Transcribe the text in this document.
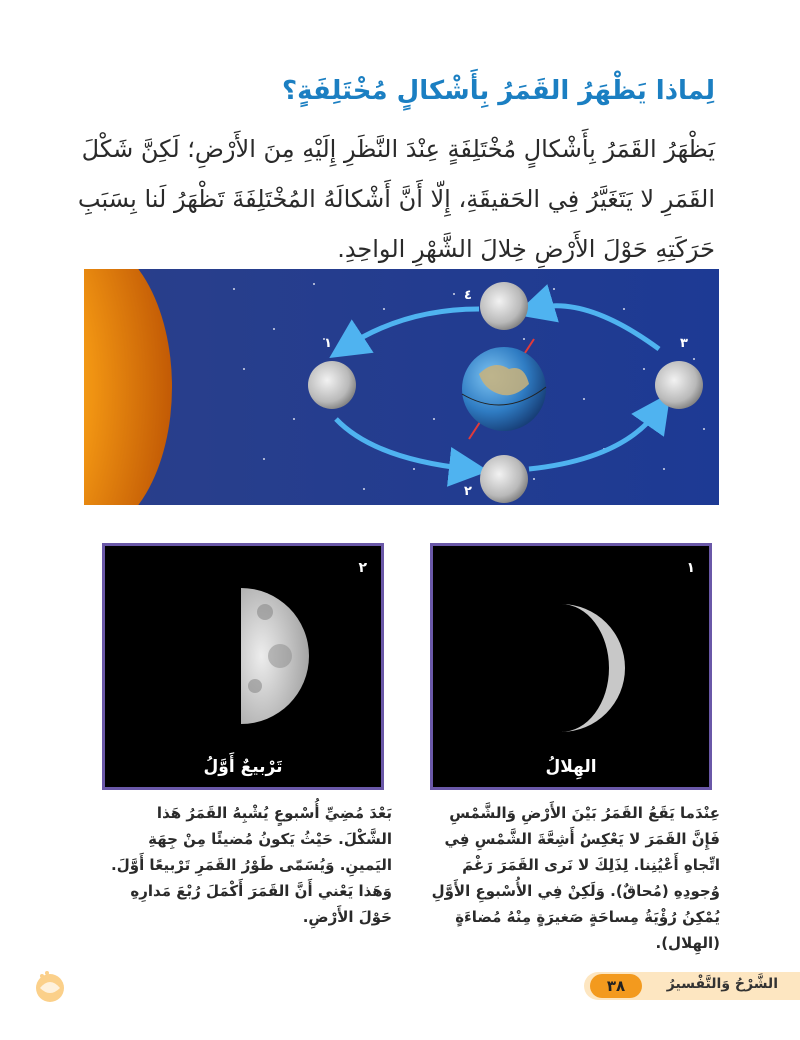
لِماذا يَظْهَرُ القَمَرُ بِأَشْكالٍ مُخْتَلِفَةٍ؟

يَظْهَرُ القَمَرُ بِأَشْكالٍ مُخْتَلِفَةٍ عِنْدَ النَّظَرِ إِلَيْهِ مِنَ الأَرْضِ؛ لَكِنَّ شَكْلَ القَمَرِ لا يَتَغَيَّرُ فِي الحَقيقَةِ، إِلّا أَنَّ أَشْكالَهُ المُخْتَلِفَةَ تَظْهَرُ لَنا بِسَبَبِ حَرَكَتِهِ حَوْلَ الأَرْضِ خِلالَ الشَّهْرِ الواحِدِ.

١
٢
٣
٤
١
الهِلالُ
٢
تَرْبيعٌ أَوَّلُ

عِنْدَما يَقَعُ القَمَرُ بَيْنَ الأَرْضِ وَالشَّمْسِ فَإِنَّ القَمَرَ لا يَعْكِسُ أَشِعَّةَ الشَّمْسِ فِي اتِّجاهِ أَعْيُنِنا. لِذَلِكَ لا نَرى القَمَرَ رَغْمَ وُجودِهِ (مُحاقٌ). وَلَكِنْ فِي الأُسْبوعِ الأَوَّلِ يُمْكِنُ رُؤْيَةُ مِساحَةٍ صَغيرَةٍ مِنْهُ مُضاءَةٍ (الهِلال).

بَعْدَ مُضِيِّ أُسْبوعٍ يُشْبِهُ القَمَرُ هَذا الشَّكْلَ. حَيْثُ يَكونُ مُضيئًا مِنْ جِهَةِ اليَمينِ. وَيُسَمّى طَوْرُ القَمَرِ تَرْبيعًا أَوَّلَ. وَهَذا يَعْني أَنَّ القَمَرَ أَكْمَلَ رُبْعَ مَدارِهِ حَوْلَ الأَرْضِ.

الشَّرْحُ وَالتَّفْسيرُ
٣٨
